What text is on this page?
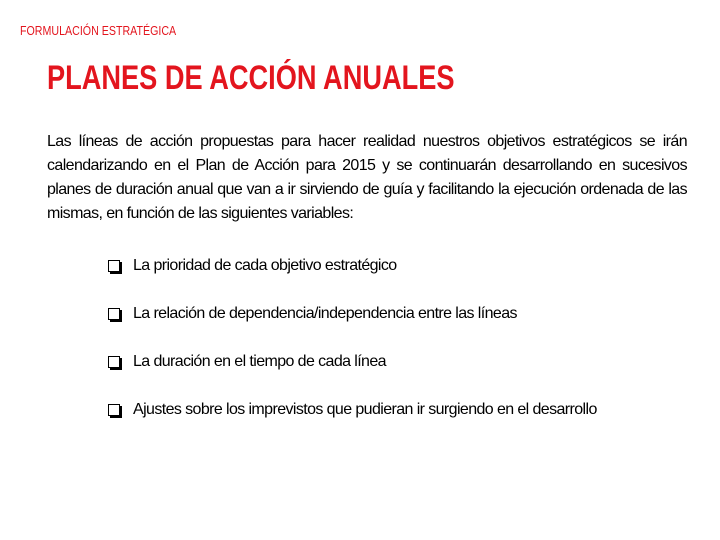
FORMULACIÓN ESTRATÉGICA
PLANES DE ACCIÓN ANUALES

Las líneas de acción propuestas para hacer realidad nuestros objetivos estratégicos se irán calendarizando en el Plan de Acción para 2015 y se continuarán desarrollando en sucesivos planes de duración anual que van a ir sirviendo de guía y facilitando la ejecución ordenada de las mismas, en función de las siguientes variables:

La prioridad de cada objetivo estratégico
La relación de dependencia/independencia entre las líneas
La duración en el tiempo de cada línea
Ajustes sobre los imprevistos que pudieran ir surgiendo en el desarrollo
